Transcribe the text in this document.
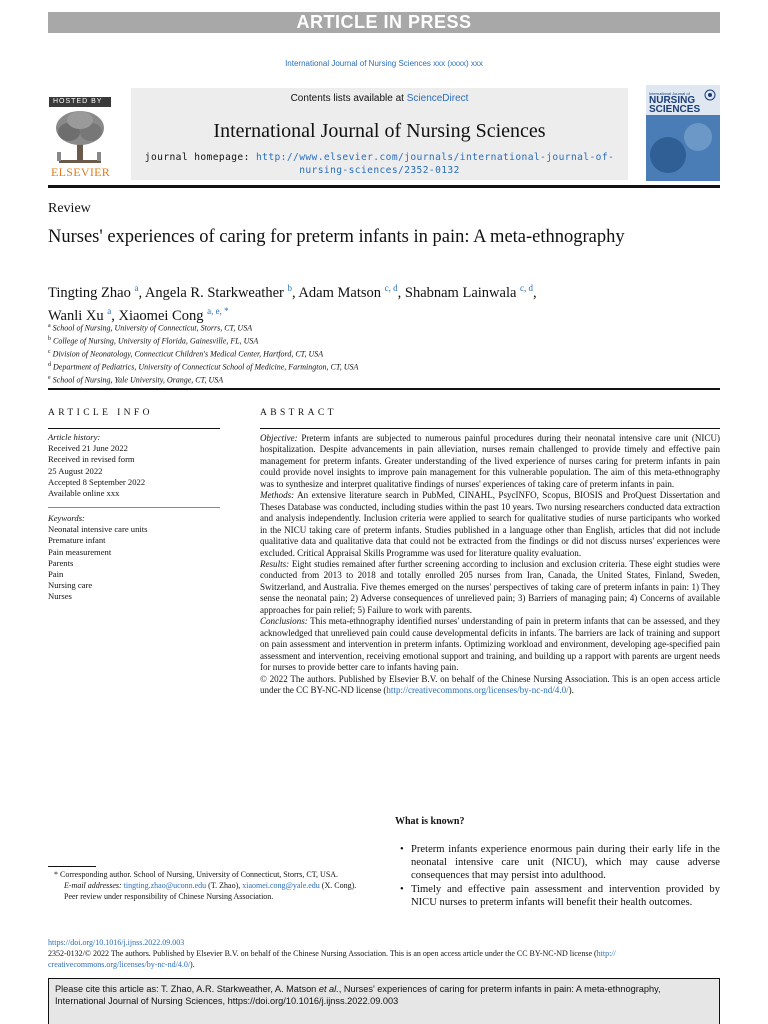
ARTICLE IN PRESS
International Journal of Nursing Sciences xxx (xxxx) xxx
HOSTED BY
ELSEVIER
Contents lists available at ScienceDirect
International Journal of Nursing Sciences
journal homepage: http://www.elsevier.com/journals/international-journal-of-
nursing-sciences/2352-0132
International Journal of
NURSING
SCIENCES
Review
Nurses' experiences of caring for preterm infants in pain: A meta-ethnography
Tingting Zhao $^a$, Angela R. Starkweather $^b$, Adam Matson $^{c, d}$, Shabnam Lainwala $^{c, d}$,
Wanli Xu $^a$, Xiaomei Cong $^{a, e, *}$
$^a$ School of Nursing, University of Connecticut, Storrs, CT, USA
$^b$ College of Nursing, University of Florida, Gainesville, FL, USA
$^c$ Division of Neonatology, Connecticut Children's Medical Center, Hartford, CT, USA
$^d$ Department of Pediatrics, University of Connecticut School of Medicine, Farmington, CT, USA
$^e$ School of Nursing, Yale University, Orange, CT, USA
ARTICLE INFO
Article history:
Received 21 June 2022
Received in revised form
25 August 2022
Accepted 8 September 2022
Available online xxx
Keywords:
Neonatal intensive care units
Premature infant
Pain measurement
Parents
Pain
Nursing care
Nurses
ABSTRACT

Objective: Preterm infants are subjected to numerous painful procedures during their neonatal intensive care unit (NICU) hospitalization. Despite advancements in pain alleviation, nurses remain challenged to provide timely and effective pain management for preterm infants. Greater understanding of the lived experience of nurses caring for preterm infants in pain could provide novel insights to improve pain management for this vulnerable population. The aim of this meta-ethnography was to synthesize and interpret qualitative findings of nurses' experiences of taking care of preterm infants in pain.

Methods: An extensive literature search in PubMed, CINAHL, PsycINFO, Scopus, BIOSIS and ProQuest Dissertation and Theses Database was conducted, including studies within the past 10 years. Two nursing researchers conducted data extraction and analysis independently. Inclusion criteria were applied to search for qualitative studies of nurse participants who worked in the NICU taking care of preterm infants. Studies published in a language other than English, articles that did not include qualitative data and qualitative data that could not be extracted from the findings or did not discuss nurses' experiences were excluded. Critical Appraisal Skills Programme was used for literature quality evaluation.

Results: Eight studies remained after further screening according to inclusion and exclusion criteria. These eight studies were conducted from 2013 to 2018 and totally enrolled 205 nurses from Iran, Canada, the United States, Finland, Sweden, Switzerland, and Australia. Five themes emerged on the nurses' perspectives of taking care of preterm infants in pain: 1) They sense the neonatal pain; 2) Adverse consequences of unrelieved pain; 3) Barriers of managing pain; 4) Concerns of available approaches for pain relief; 5) Failure to work with parents.

Conclusions: This meta-ethnography identified nurses' understanding of pain in preterm infants that can be assessed, and they acknowledged that unrelieved pain could cause developmental deficits in infants. The barriers are lack of training and support on pain assessment and intervention in preterm infants. Optimizing workload and environment, developing age-specified pain assessment and intervention, receiving emotional support and training, and building up a rapport with parents are urgent needs for nurses to provide better care to infants having pain.

© 2022 The authors. Published by Elsevier B.V. on behalf of the Chinese Nursing Association. This is an open access article under the CC BY-NC-ND license (http://creativecommons.org/licenses/by-nc-nd/4.0/).

What is known?
• Preterm infants experience enormous pain during their early life in the neonatal intensive care unit (NICU), which may cause adverse consequences that may persist into adulthood.
• Timely and effective pain assessment and intervention provided by NICU nurses to preterm infants will benefit their health outcomes.
* Corresponding author. School of Nursing, University of Connecticut, Storrs, CT, USA.
E-mail addresses: tingting.zhao@uconn.edu (T. Zhao), xiaomei.cong@yale.edu (X. Cong).
Peer review under responsibility of Chinese Nursing Association.
https://doi.org/10.1016/j.ijnss.2022.09.003
2352-0132/© 2022 The authors. Published by Elsevier B.V. on behalf of the Chinese Nursing Association. This is an open access article under the CC BY-NC-ND license (http://
creativecommons.org/licenses/by-nc-nd/4.0/).
Please cite this article as: T. Zhao, A.R. Starkweather, A. Matson et al., Nurses' experiences of caring for preterm infants in pain: A meta-ethnography, International Journal of Nursing Sciences, https://doi.org/10.1016/j.ijnss.2022.09.003
